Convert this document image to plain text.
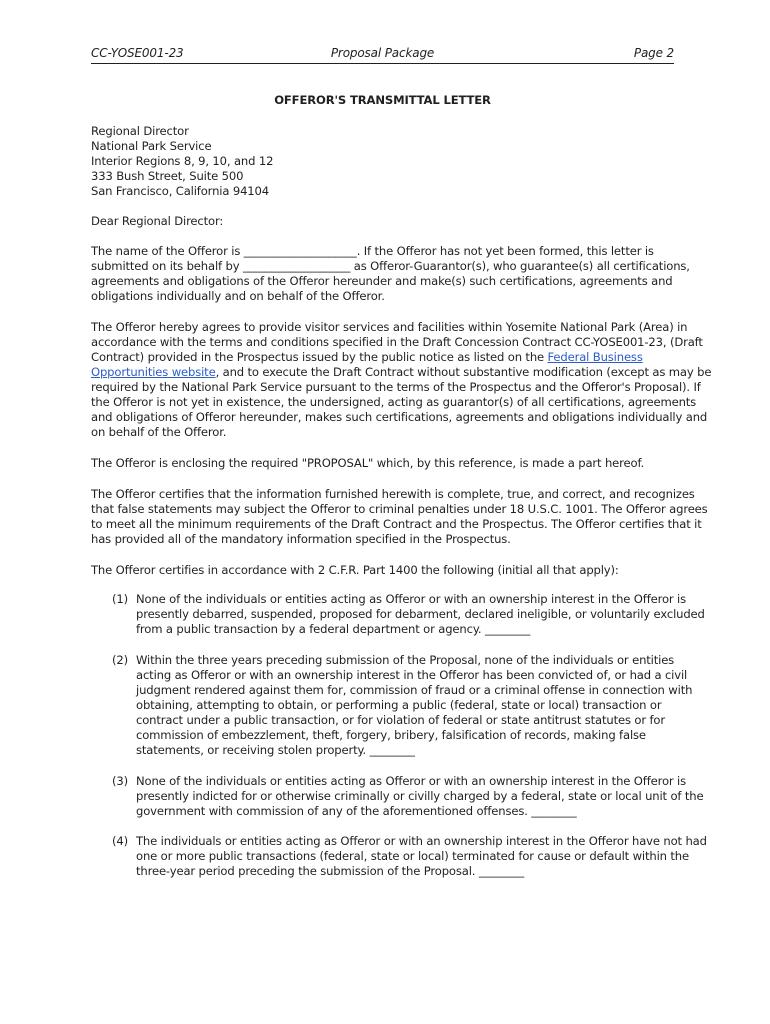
CC-YOSE001-23	Proposal Package	Page 2
OFFEROR'S TRANSMITTAL LETTER
Regional Director
National Park Service
Interior Regions 8, 9, 10, and 12
333 Bush Street, Suite 500
San Francisco, California 94104
Dear Regional Director:
The name of the Offeror is ____________________. If the Offeror has not yet been formed, this letter is
submitted on its behalf by ___________________ as Offeror-Guarantor(s), who guarantee(s) all certifications,
agreements and obligations of the Offeror hereunder and make(s) such certifications, agreements and
obligations individually and on behalf of the Offeror.
The Offeror hereby agrees to provide visitor services and facilities within Yosemite National Park (Area) in
accordance with the terms and conditions specified in the Draft Concession Contract CC-YOSE001-23, (Draft
Contract) provided in the Prospectus issued by the public notice as listed on the Federal Business
Opportunities website, and to execute the Draft Contract without substantive modification (except as may be
required by the National Park Service pursuant to the terms of the Prospectus and the Offeror's Proposal). If
the Offeror is not yet in existence, the undersigned, acting as guarantor(s) of all certifications, agreements
and obligations of Offeror hereunder, makes such certifications, agreements and obligations individually and
on behalf of the Offeror.
The Offeror is enclosing the required "PROPOSAL" which, by this reference, is made a part hereof.
The Offeror certifies that the information furnished herewith is complete, true, and correct, and recognizes
that false statements may subject the Offeror to criminal penalties under 18 U.S.C. 1001. The Offeror agrees
to meet all the minimum requirements of the Draft Contract and the Prospectus. The Offeror certifies that it
has provided all of the mandatory information specified in the Prospectus.
The Offeror certifies in accordance with 2 C.F.R. Part 1400 the following (initial all that apply):
(1) None of the individuals or entities acting as Offeror or with an ownership interest in the Offeror is
presently debarred, suspended, proposed for debarment, declared ineligible, or voluntarily excluded
from a public transaction by a federal department or agency. ________
(2) Within the three years preceding submission of the Proposal, none of the individuals or entities
acting as Offeror or with an ownership interest in the Offeror has been convicted of, or had a civil
judgment rendered against them for, commission of fraud or a criminal offense in connection with
obtaining, attempting to obtain, or performing a public (federal, state or local) transaction or
contract under a public transaction, or for violation of federal or state antitrust statutes or for
commission of embezzlement, theft, forgery, bribery, falsification of records, making false
statements, or receiving stolen property. ________
(3) None of the individuals or entities acting as Offeror or with an ownership interest in the Offeror is
presently indicted for or otherwise criminally or civilly charged by a federal, state or local unit of the
government with commission of any of the aforementioned offenses. ________
(4) The individuals or entities acting as Offeror or with an ownership interest in the Offeror have not had
one or more public transactions (federal, state or local) terminated for cause or default within the
three-year period preceding the submission of the Proposal. ________
